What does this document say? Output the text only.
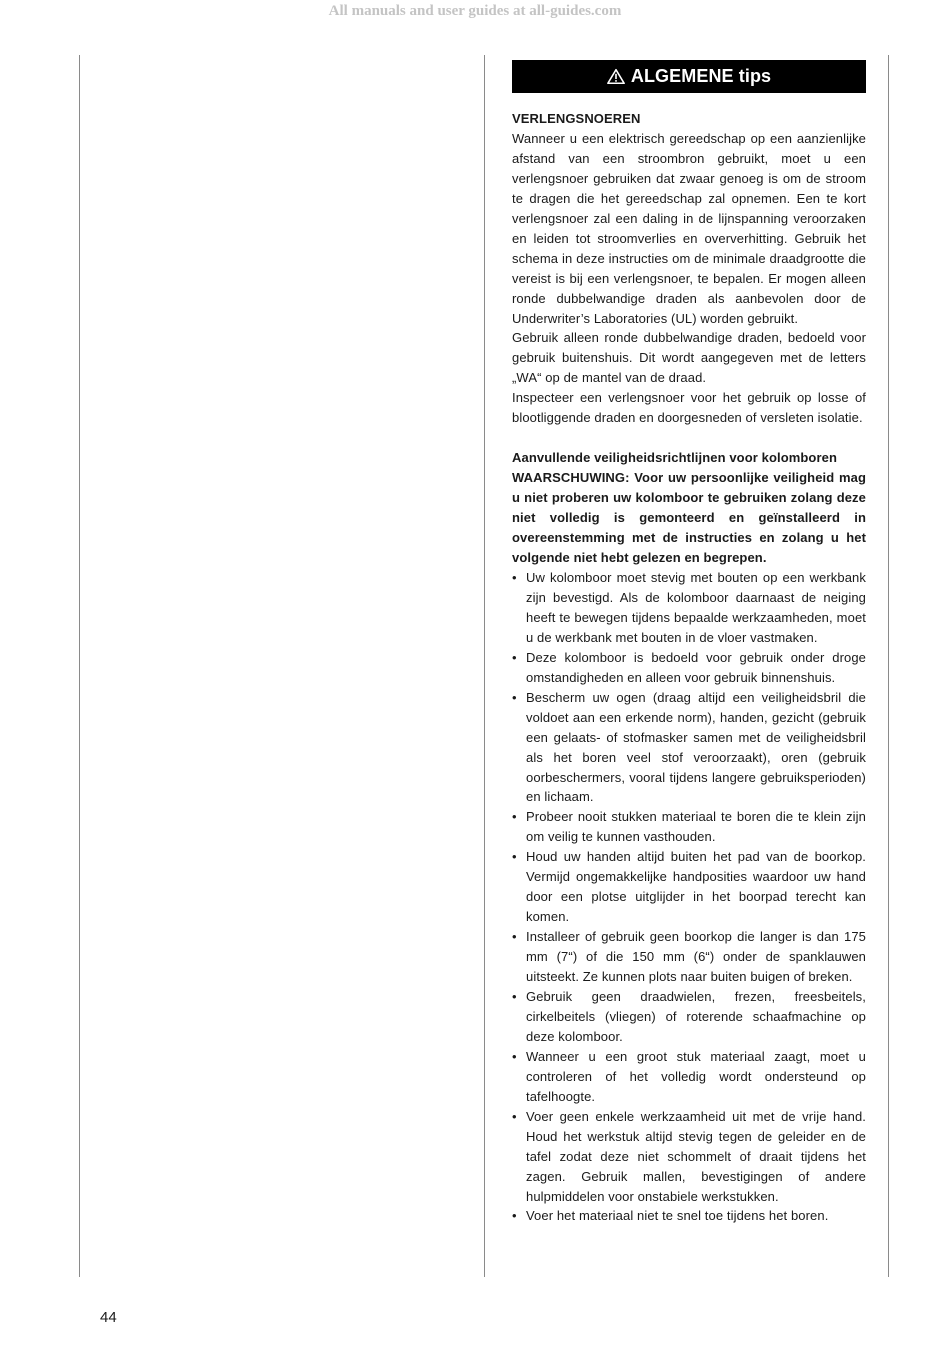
All manuals and user guides at all-guides.com
ALGEMENE tips
VERLENGSNOEREN
Wanneer u een elektrisch gereedschap op een aanzienlijke afstand van een stroombron gebruikt, moet u een verlengsnoer gebruiken dat zwaar genoeg is om de stroom te dragen die het gereedschap zal opnemen. Een te kort verlengsnoer zal een daling in de lijnspanning veroorzaken en leiden tot stroomverlies en oververhitting. Gebruik het schema in deze instructies om de minimale draadgrootte die vereist is bij een verlengsnoer, te bepalen. Er mogen alleen ronde dubbelwandige draden als aanbevolen door de Underwriter’s Laboratories (UL) worden gebruikt.
Gebruik alleen ronde dubbelwandige draden, bedoeld voor gebruik buitenshuis. Dit wordt aangegeven met de letters „WA“ op de mantel van de draad.
Inspecteer een verlengsnoer voor het gebruik op losse of blootliggende draden en doorgesneden of versleten isolatie.
Aanvullende veiligheidsrichtlijnen voor kolomboren
WAARSCHUWING: Voor uw persoonlijke veiligheid mag u niet proberen uw kolomboor te gebruiken zolang deze niet volledig is gemonteerd en geïnstalleerd in overeenstemming met de instructies en zolang u het volgende niet hebt gelezen en begrepen.
• Uw kolomboor moet stevig met bouten op een werkbank zijn bevestigd. Als de kolomboor daarnaast de neiging heeft te bewegen tijdens bepaalde werkzaamheden, moet u de werkbank met bouten in de vloer vastmaken.
• Deze kolomboor is bedoeld voor gebruik onder droge omstandigheden en alleen voor gebruik binnenshuis.
• Bescherm uw ogen (draag altijd een veiligheidsbril die voldoet aan een erkende norm), handen, gezicht (gebruik een gelaats- of stofmasker samen met de veiligheidsbril als het boren veel stof veroorzaakt), oren (gebruik oorbeschermers, vooral tijdens langere gebruiksperioden) en lichaam.
• Probeer nooit stukken materiaal te boren die te klein zijn om veilig te kunnen vasthouden.
• Houd uw handen altijd buiten het pad van de boorkop. Vermijd ongemakkelijke handposities waardoor uw hand door een plotse uitglijder in het boorpad terecht kan komen.
• Installeer of gebruik geen boorkop die langer is dan 175 mm (7“) of die 150 mm (6“) onder de spanklauwen uitsteekt. Ze kunnen plots naar buiten buigen of breken.
• Gebruik geen draadwielen, frezen, freesbeitels, cirkelbeitels (vliegen) of roterende schaafmachine op deze kolomboor.
• Wanneer u een groot stuk materiaal zaagt, moet u controleren of het volledig wordt ondersteund op tafelhoogte.
• Voer geen enkele werkzaamheid uit met de vrije hand. Houd het werkstuk altijd stevig tegen de geleider en de tafel zodat deze niet schommelt of draait tijdens het zagen. Gebruik mallen, bevestigingen of andere hulpmiddelen voor onstabiele werkstukken.
• Voer het materiaal niet te snel toe tijdens het boren.
44
